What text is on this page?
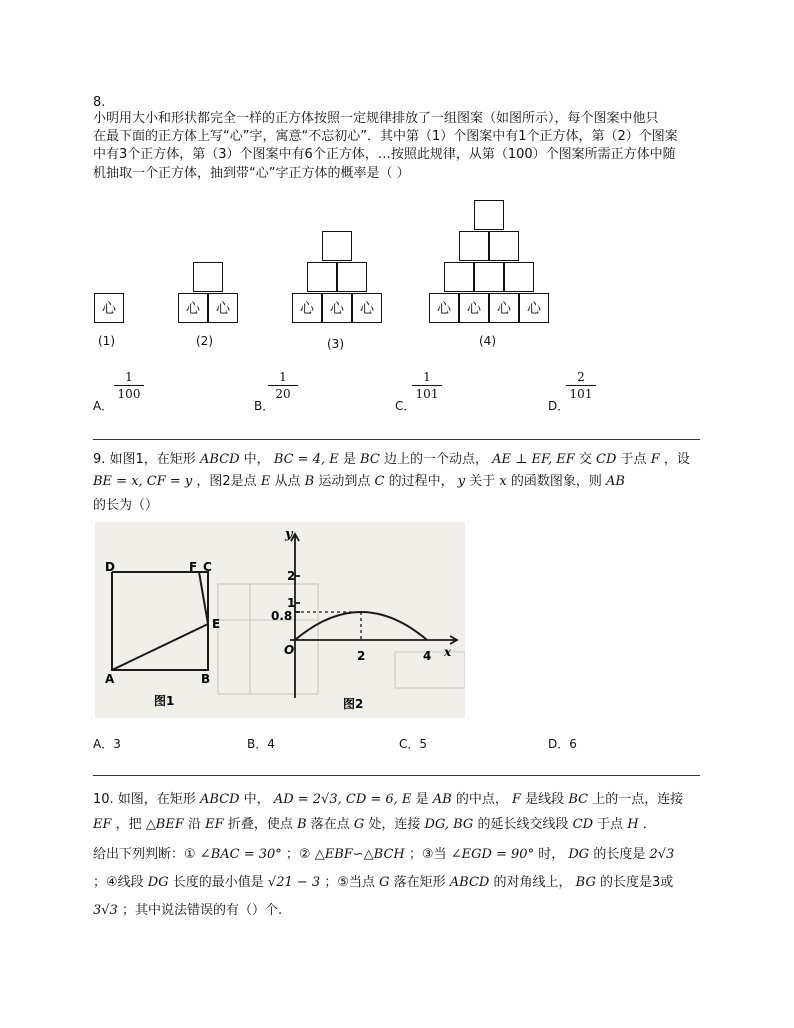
8.
小明用大小和形状都完全一样的正方体按照一定规律排放了一组图案（如图所示），每个图案中他只
在最下面的正方体上写“心”字，寓意“不忘初心”．其中第（1）个图案中有1个正方体，第（2）个图案
中有3个正方体，第（3）个图案中有6个正方体，…按照此规律，从第（100）个图案所需正方体中随
机抽取一个正方体，抽到带“心”字正方体的概率是（ ）
心	心	心	心	心	心	心	心	心	心
(1)	(2)	(3)	(4)
A．
$\frac{1}{100}$
B．
$\frac{1}{20}$
C．
$\frac{1}{101}$
D．
$\frac{2}{101}$
9. 如图1，在矩形 ABCD 中， BC = 4, E 是 BC 边上的一个动点， AE ⊥ EF, EF 交 CD 于点 F ，设
BE = x, CF = y ，图2是点 E 从点 B 运动到点 C 的过程中， y 关于 x 的函数图象，则 AB
的长为（）
D	F C
E
A	B
图1
y
x
O
2
1
0.8
2	4
图2
A．3	B．4	C．5	D．6
10. 如图，在矩形 ABCD 中， AD = 2√3, CD = 6, E 是 AB 的中点， F 是线段 BC 上的一点，连接
EF ，把 △BEF 沿 EF 折叠，使点 B 落在点 G 处，连接 DG, BG 的延长线交线段 CD 于点 H ．
给出下列判断：① ∠BAC = 30° ；② △EBF∽△BCH ；③当 ∠EGD = 90° 时， DG 的长度是 2√3
；④线段 DG 长度的最小值是 √21 − 3 ；⑤当点 G 落在矩形 ABCD 的对角线上， BG 的长度是3或
3√3 ；其中说法错误的有（）个.
